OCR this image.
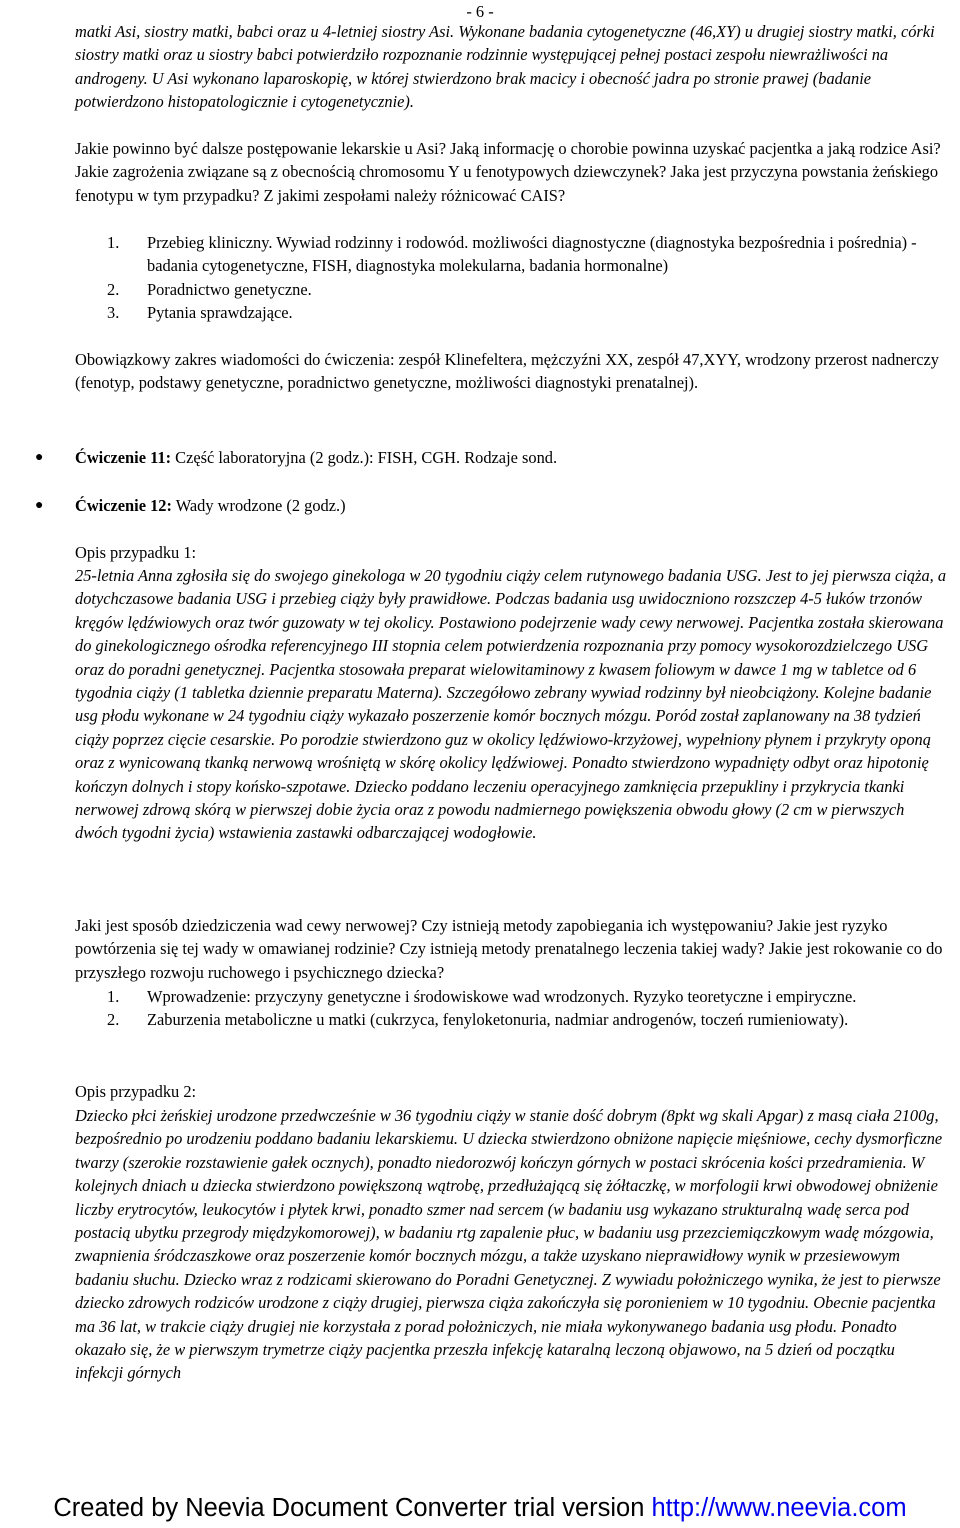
- 6 -

matki Asi, siostry matki, babci oraz u 4-letniej siostry Asi. Wykonane badania cytogenetyczne (46,XY) u drugiej siostry matki, córki siostry matki oraz u siostry babci potwierdziło rozpoznanie rodzinnie występującej pełnej postaci zespołu niewrażliwości na androgeny. U Asi wykonano laparoskopię, w której stwierdzono brak macicy i obecność jadra po stronie prawej (badanie potwierdzono histopatologicznie i cytogenetycznie).

Jakie powinno być dalsze postępowanie lekarskie u Asi? Jaką informację o chorobie powinna uzyskać pacjentka a jaką rodzice Asi? Jakie zagrożenia związane są z obecnością chromosomu Y u fenotypowych dziewczynek? Jaka jest przyczyna powstania żeńskiego fenotypu w tym przypadku? Z jakimi zespołami należy różnicować CAIS?

1. Przebieg kliniczny. Wywiad rodzinny i rodowód. możliwości diagnostyczne (diagnostyka bezpośrednia i pośrednia) - badania cytogenetyczne, FISH, diagnostyka molekularna, badania hormonalne)
2. Poradnictwo genetyczne.
3. Pytania sprawdzające.

Obowiązkowy zakres wiadomości do ćwiczenia: zespół Klinefeltera, mężczyźni XX, zespół 47,XYY, wrodzony przerost nadnerczy (fenotyp, podstawy genetyczne, poradnictwo genetyczne, możliwości diagnostyki prenatalnej).

● Ćwiczenie 11: Część laboratoryjna (2 godz.): FISH, CGH. Rodzaje sond.
● Ćwiczenie 12: Wady wrodzone (2 godz.)

Opis przypadku 1:

25-letnia Anna zgłosiła się do swojego ginekologa w 20 tygodniu ciąży celem rutynowego badania USG. Jest to jej pierwsza ciąża, a dotychczasowe badania USG i przebieg ciąży były prawidłowe. Podczas badania usg uwidoczniono rozszczep 4-5 łuków trzonów kręgów lędźwiowych oraz twór guzowaty w tej okolicy. Postawiono podejrzenie wady cewy nerwowej. Pacjentka została skierowana do ginekologicznego ośrodka referencyjnego III stopnia celem potwierdzenia rozpoznania przy pomocy wysokorozdzielczego USG oraz do poradni genetycznej. Pacjentka stosowała preparat wielowitaminowy z kwasem foliowym w dawce 1 mg w tabletce od 6 tygodnia ciąży (1 tabletka dziennie preparatu Materna). Szczegółowo zebrany wywiad rodzinny był nieobciążony. Kolejne badanie usg płodu wykonane w 24 tygodniu ciąży wykazało poszerzenie komór bocznych mózgu. Poród został zaplanowany na 38 tydzień ciąży poprzez cięcie cesarskie. Po porodzie stwierdzono guz w okolicy lędźwiowo-krzyżowej, wypełniony płynem i przykryty oponą oraz z wynicowaną tkanką nerwową wrośniętą w skórę okolicy lędźwiowej. Ponadto stwierdzono wypadnięty odbyt oraz hipotonię kończyn dolnych i stopy końsko-szpotawe. Dziecko poddano leczeniu operacyjnego zamknięcia przepukliny i przykrycia tkanki nerwowej zdrową skórą w pierwszej dobie życia oraz z powodu nadmiernego powiększenia obwodu głowy (2 cm w pierwszych dwóch tygodni życia) wstawienia zastawki odbarczającej wodogłowie.

Jaki jest sposób dziedziczenia wad cewy nerwowej? Czy istnieją metody zapobiegania ich występowaniu? Jakie jest ryzyko powtórzenia się tej wady w omawianej rodzinie? Czy istnieją metody prenatalnego leczenia takiej wady? Jakie jest rokowanie co do przyszłego rozwoju ruchowego i psychicznego dziecka?

1. Wprowadzenie: przyczyny genetyczne i środowiskowe wad wrodzonych. Ryzyko teoretyczne i empiryczne.
2. Zaburzenia metaboliczne u matki (cukrzyca, fenyloketonuria, nadmiar androgenów, toczeń rumieniowaty).

Opis przypadku 2:

Dziecko płci żeńskiej urodzone przedwcześnie w 36 tygodniu ciąży w stanie dość dobrym (8pkt wg skali Apgar) z masą ciała 2100g, bezpośrednio po urodzeniu poddano badaniu lekarskiemu. U dziecka stwierdzono obniżone napięcie mięśniowe, cechy dysmorficzne twarzy (szerokie rozstawienie gałek ocznych), ponadto niedorozwój kończyn górnych w postaci skrócenia kości przedramienia. W kolejnych dniach u dziecka stwierdzono powiększoną wątrobę, przedłużającą się żółtaczkę, w morfologii krwi obwodowej obniżenie liczby erytrocytów, leukocytów i płytek krwi, ponadto szmer nad sercem (w badaniu usg wykazano strukturalną wadę serca pod postacią ubytku przegrody międzykomorowej), w badaniu rtg zapalenie płuc, w badaniu usg przezciemiączkowym wadę mózgowia, zwapnienia śródczaszkowe oraz poszerzenie komór bocznych mózgu, a także uzyskano nieprawidłowy wynik w przesiewowym badaniu słuchu. Dziecko wraz z rodzicami skierowano do Poradni Genetycznej. Z wywiadu położniczego wynika, że jest to pierwsze dziecko zdrowych rodziców urodzone z ciąży drugiej, pierwsza ciąża zakończyła się poronieniem w 10 tygodniu. Obecnie pacjentka ma 36 lat, w trakcie ciąży drugiej nie korzystała z porad położniczych, nie miała wykonywanego badania usg płodu. Ponadto okazało się, że w pierwszym trymetrze ciąży pacjentka przeszła infekcję kataralną leczoną objawowo, na 5 dzień od początku infekcji górnych

Created by Neevia Document Converter trial version http://www.neevia.com
